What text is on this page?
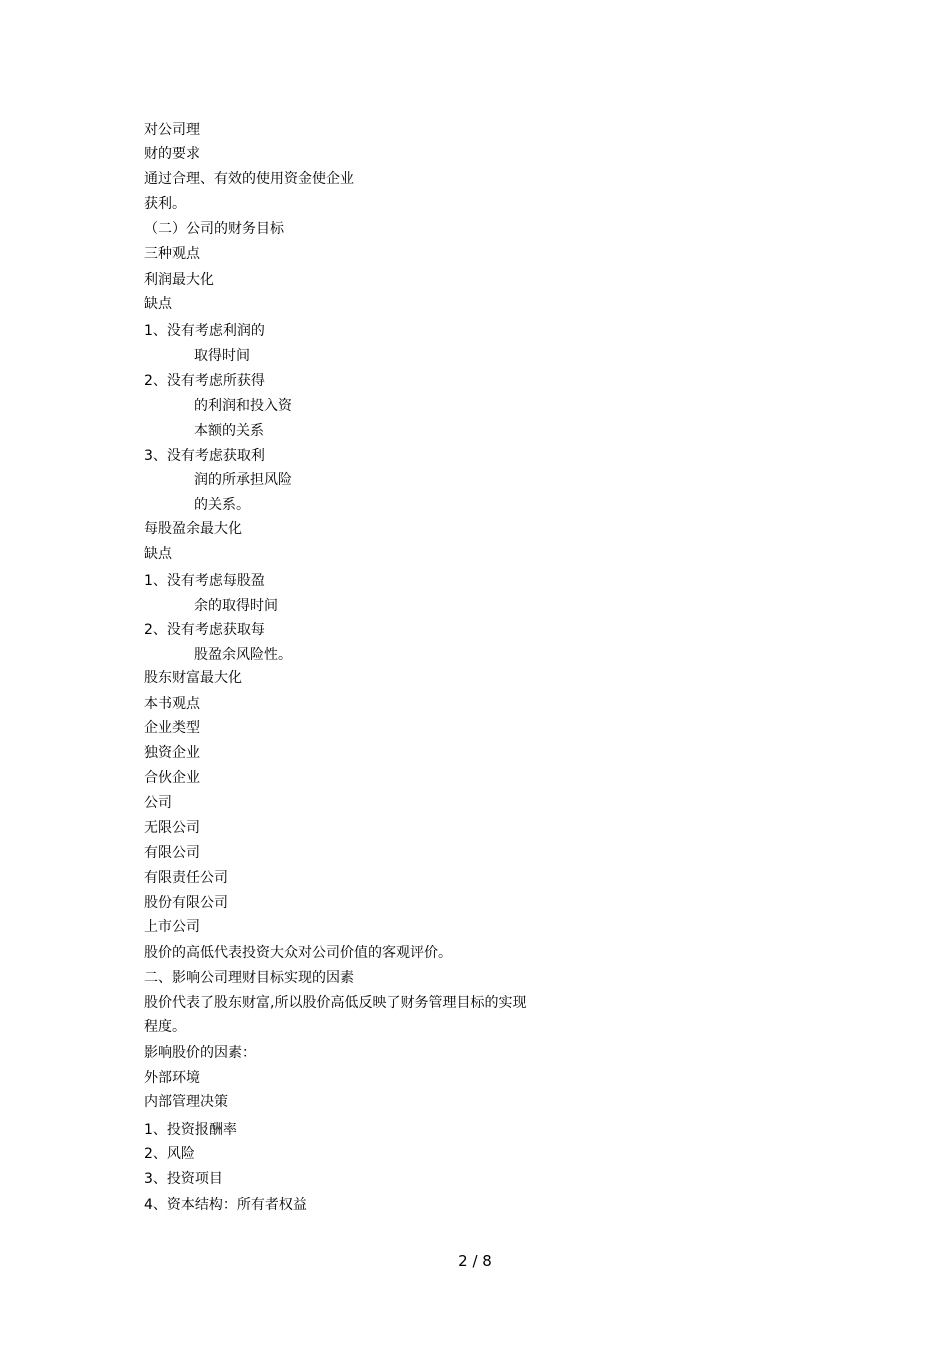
对公司理
财的要求
通过合理、有效的使用资金使企业
获利。
（二）公司的财务目标
三种观点
利润最大化
缺点
1、没有考虑利润的
取得时间
2、没有考虑所获得
的利润和投入资
本额的关系
3、没有考虑获取利
润的所承担风险
的关系。
每股盈余最大化
缺点
1、没有考虑每股盈
余的取得时间
2、没有考虑获取每
股盈余风险性。
股东财富最大化
本书观点
企业类型
独资企业
合伙企业
公司
无限公司
有限公司
有限责任公司
股份有限公司
上市公司
股价的高低代表投资大众对公司价值的客观评价。
二、影响公司理财目标实现的因素
股价代表了股东财富,所以股价高低反映了财务管理目标的实现
程度。
影响股价的因素：
外部环境
内部管理决策
1、投资报酬率
2、风险
3、投资项目
4、资本结构：所有者权益
2 / 8
